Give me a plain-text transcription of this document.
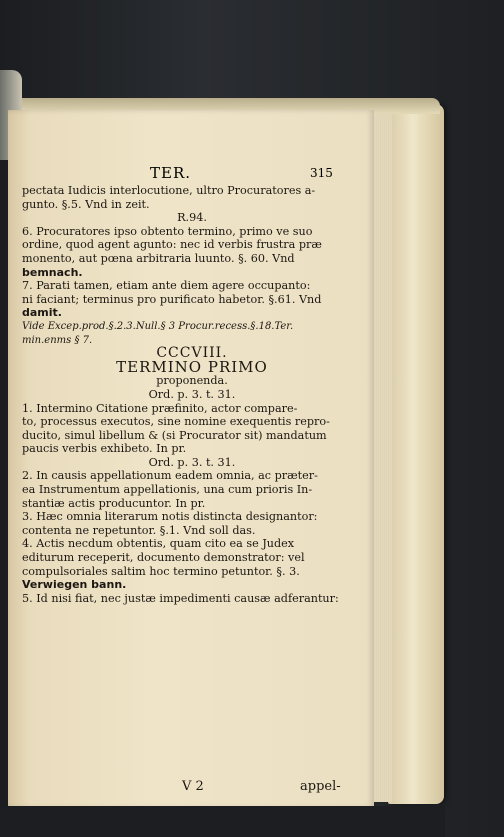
TER.	315
pectata Iudicis interlocutione, ultro Procuratores a-
gunto. §.5. Vnd in zeit.
R.94.
6. Procuratores ipso obtento termino, primo ve suo
ordine, quod agent agunto: nec id verbis frustra præ
monento, aut pœna arbitraria luunto. §. 60. Vnd
bemnach.
7. Parati tamen, etiam ante diem agere occupanto:
ni faciant; terminus pro purificato habetor. §.61. Vnd
damit.
Vide Excep.prod.§.2.3.Null.§ 3 Procur.recess.§.18.Ter.
min.enms § 7.
CCCVIII.
TERMINO PRIMO
proponenda.
Ord. p. 3. t. 31.
1. Intermino Citatione præfinito, actor compare-
to, processus executos, sine nomine exequentis repro-
ducito, simul libellum & (si Procurator sit) mandatum
paucis verbis exhibeto. In pr.
Ord. p. 3. t. 31.
2. In causis appellationum eadem omnia, ac præter-
ea Instrumentum appellationis, una cum prioris In-
stantiæ actis producuntor. In pr.
3. Hæc omnia literarum notis distincta designantor:
contenta ne repetuntor. §.1. Vnd soll das.
4. Actis necdum obtentis, quam cito ea se Judex
editurum receperit, documento demonstrator: vel
compulsoriales saltim hoc termino petuntor. §. 3.
Verwiegen bann.
5. Id nisi fiat, nec justæ impedimenti causæ adferantur:
V 2	appel-
